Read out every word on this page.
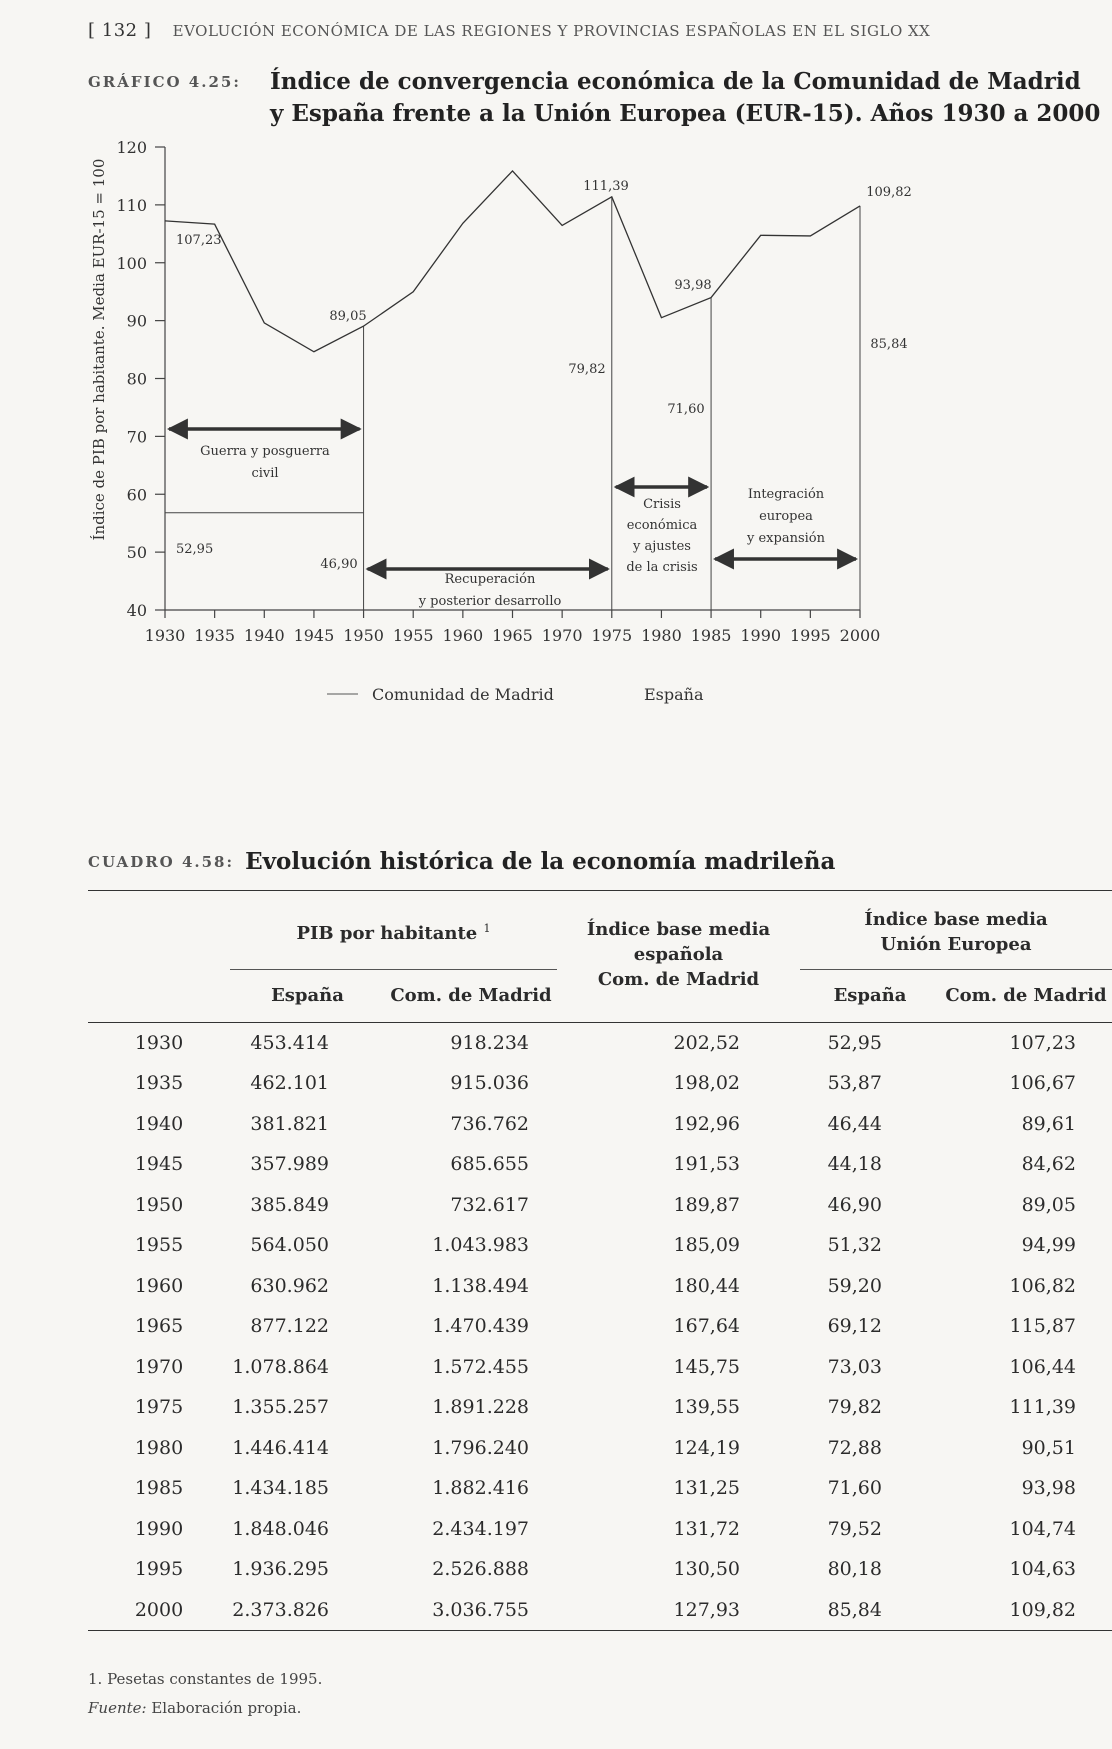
[ 132 ] EVOLUCIÓN ECONÓMICA DE LAS REGIONES Y PROVINCIAS ESPAÑOLAS EN EL SIGLO XX
GRÁFICO 4.25: Índice de convergencia económica de la Comunidad de Madrid
y España frente a la Unión Europea (EUR-15). Años 1930 a 2000
40
50
60
70
80
90
100
110
120
1930 1935 1940 1945 1950 1955 1960 1965 1970 1975 1980 1985 1990 1995 2000
Índice de PIB por habitante. Media EUR-15 = 100	107,23
89,05
111,39
93,98
109,82
52,95
46,90
79,82
71,60
85,84
Guerra y posguerra
civil
Recuperación
y posterior desarrollo
Crisis
económica
y ajustes
de la crisis
Integración
europea
y expansión
Comunidad de Madrid	España
CUADRO 4.58: Evolución histórica de la economía madrileña

	PIB por habitante $^1$		Índice base media
española
Com. de Madrid	Índice base media
Unión Europea	
	España	Com. de Madrid		España	Com. de Madrid

1930	453.414	918.234	202,52	52,95	107,23
1935	462.101	915.036	198,02	53,87	106,67
1940	381.821	736.762	192,96	46,44	89,61
1945	357.989	685.655	191,53	44,18	84,62
1950	385.849	732.617	189,87	46,90	89,05
1955	564.050	1.043.983	185,09	51,32	94,99
1960	630.962	1.138.494	180,44	59,20	106,82
1965	877.122	1.470.439	167,64	69,12	115,87
1970	1.078.864	1.572.455	145,75	73,03	106,44
1975	1.355.257	1.891.228	139,55	79,82	111,39
1980	1.446.414	1.796.240	124,19	72,88	90,51
1985	1.434.185	1.882.416	131,25	71,60	93,98
1990	1.848.046	2.434.197	131,72	79,52	104,74
1995	1.936.295	2.526.888	130,50	80,18	104,63
2000	2.373.826	3.036.755	127,93	85,84	109,82

1. Pesetas constantes de 1995.
Fuente: Elaboración propia.
